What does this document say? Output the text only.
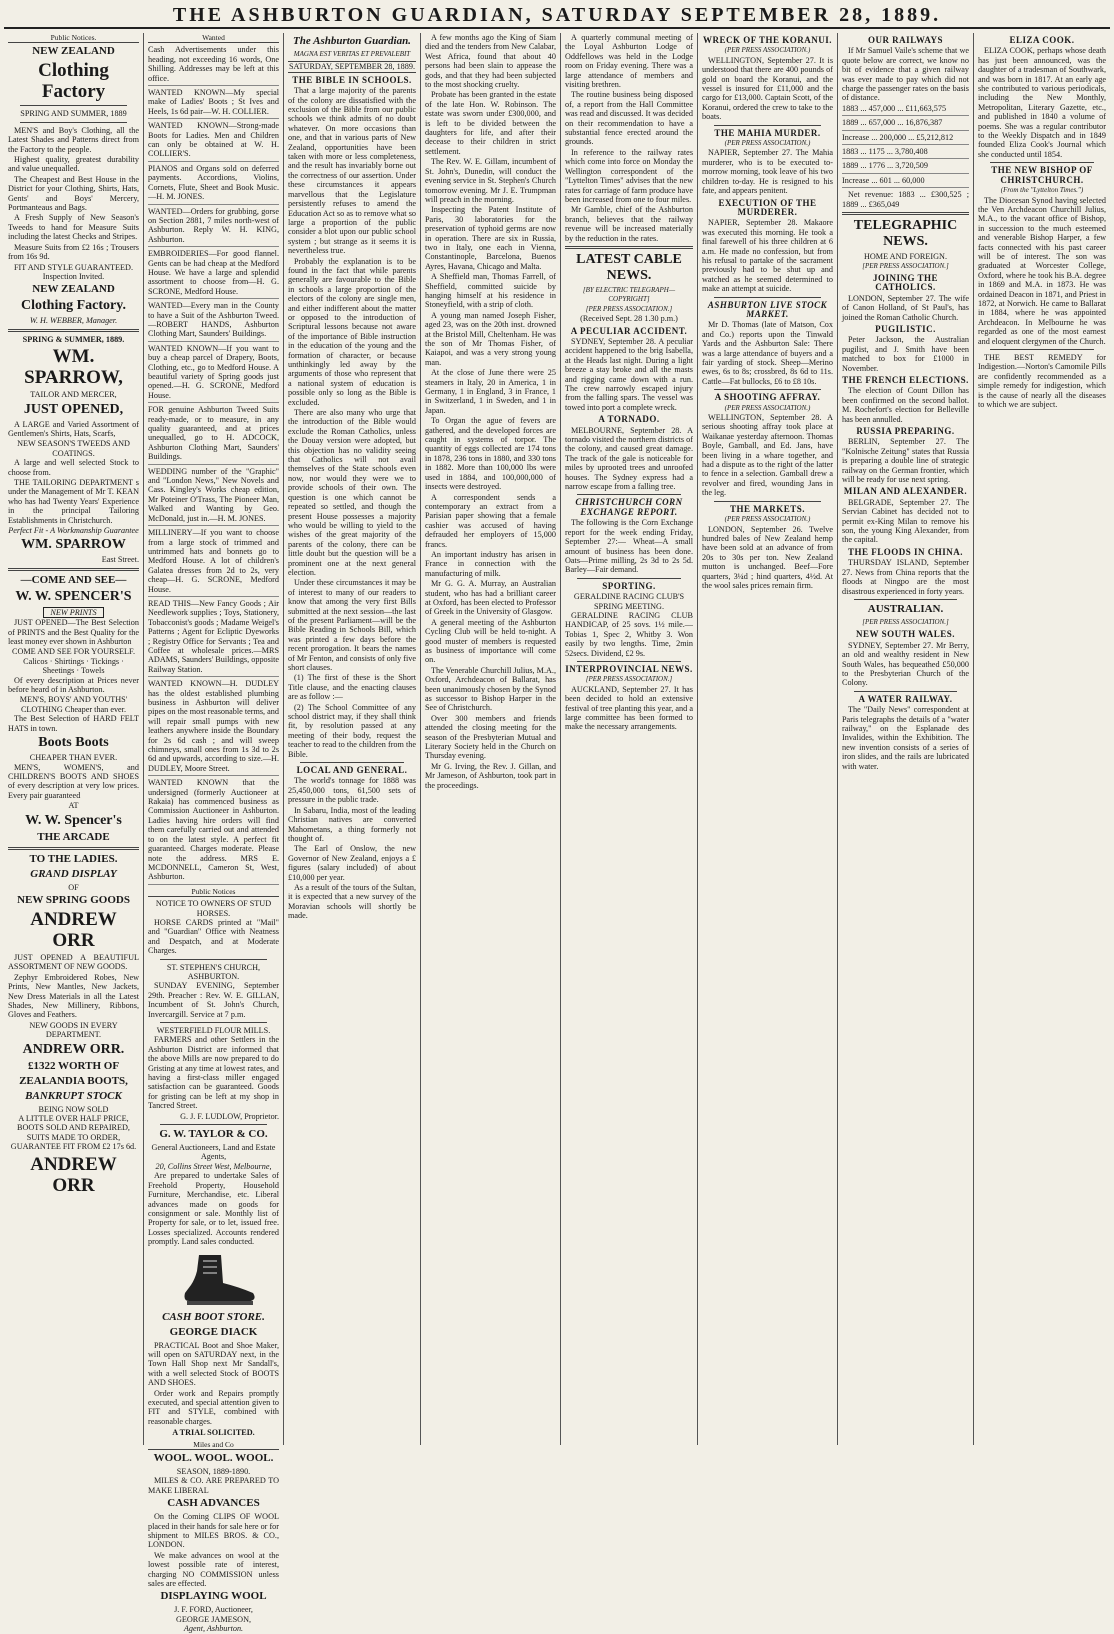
THE ASHBURTON GUARDIAN, SATURDAY SEPTEMBER 28, 1889.
Public Notices.
NEW ZEALAND
Clothing Factory
SPRING AND SUMMER, 1889

MEN'S and Boy's Clothing, all the Latest Shades and Patterns direct from the Factory to the people.

Highest quality, greatest durability and value unequalled.

The Cheapest and Best House in the District for your Clothing, Shirts, Hats, Gents' and Boys' Mercery, Portmanteaus and Bags.

A Fresh Supply of New Season's Tweeds to hand for Measure Suits including the latest Checks and Stripes.

Measure Suits from £2 16s ; Trousers from 16s 9d.

FIT AND STYLE GUARANTEED.
Inspection Invited.
NEW ZEALAND
Clothing Factory.
W. H. WEBBER, Manager.
SPRING & SUMMER, 1889.
WM. SPARROW,
TAILOR AND MERCER,
JUST OPENED,

A LARGE and Varied Assortment of Gentlemen's Shirts, Hats, Scarfs,

NEW SEASON'S TWEEDS AND COATINGS.

A large and well selected Stock to choose from.

THE TAILORING DEPARTMENT s under the Management of Mr T. KEAN who has had Twenty Years' Experience in the principal Tailoring Establishments in Christchurch.

Perfect Fit - A Workmanship Guarantee
WM. SPARROW
East Street.
—COME AND SEE—
W. W. SPENCER'S
NEW PRINTS

JUST OPENED—The Best Selection of PRINTS and the Best Quality for the least money ever shown in Ashburton

COME AND SEE FOR YOURSELF.
Calicos · Shirtings · Tickings · Sheetings · Towels

Of every description at Prices never before heard of in Ashburton.

MEN'S, BOYS' AND YOUTHS' CLOTHING Cheaper than ever.

The Best Selection of HARD FELT HATS in town.

Boots Boots
CHEAPER THAN EVER.

MEN'S, WOMEN'S, and CHILDREN'S BOOTS AND SHOES of every description at very low prices. Every pair guaranteed

AT
W. W. Spencer's
THE ARCADE
TO THE LADIES.
GRAND DISPLAY
OF
NEW SPRING GOODS
ANDREW ORR

JUST OPENED A BEAUTIFUL ASSORTMENT OF NEW GOODS.

Zephyr Embroidered Robes, New Prints, New Mantles, New Jackets, New Dress Materials in all the Latest Shades, New Millinery, Ribbons, Gloves and Feathers.

NEW GOODS IN EVERY DEPARTMENT.
ANDREW ORR.
£1322 WORTH OF
ZEALANDIA BOOTS,
BANKRUPT STOCK
BEING NOW SOLD
A LITTLE OVER HALF PRICE,
BOOTS SOLD AND REPAIRED,
SUITS MADE TO ORDER,
GUARANTEE FIT FROM £2 17s 6d.
ANDREW ORR
Wanted
Cash Advertisements under this heading, not exceeding 16 words, One Shilling. Addresses may be left at this office.
WANTED KNOWN—My special make of Ladies' Boots ; St Ives and Heels, 1s 6d pair—W. H. COLLIER.
WANTED KNOWN—Strong-made Boots for Ladies. Men and Children can only be obtained at W. H. COLLIER'S.
PIANOS and Organs sold on deferred payments. Accordions, Violins, Cornets, Flute, Sheet and Book Music.—H. M. JONES.
WANTED—Orders for grubbing, gorse on Section 2881, 7 miles north-west of Ashburton. Reply W. H. KING, Ashburton.
EMBROIDERIES—For good flannel. Gents can be had cheap at the Medford House. We have a large and splendid assortment to choose from—H. G. SCRONE, Medford House.
WANTED—Every man in the County to have a Suit of the Ashburton Tweed.—ROBERT HANDS, Ashburton Clothing Mart, Saunders' Buildings.
WANTED KNOWN—If you want to buy a cheap parcel of Drapery, Boots, Clothing, etc., go to Medford House. A beautiful variety of Spring goods just opened.—H. G. SCRONE, Medford House.
FOR genuine Ashburton Tweed Suits ready-made, or to measure, in any quality guaranteed, and at prices unequalled, go to H. ADCOCK, Ashburton Clothing Mart, Saunders' Buildings.
WEDDING number of the "Graphic" and "London News," New Novels and Cass. Kingley's Works cheap edition, Mr Poteiner O'Trass, The Pioneer Man, Walked and Wanting by Geo. McDonald, just in.—H. M. JONES.
MILLINERY—If you want to choose from a large stock of trimmed and untrimmed hats and bonnets go to Medford House. A lot of children's Galatea dresses from 2d to 2s, very cheap—H. G. SCRONE, Medford House.
READ THIS—New Fancy Goods ; Air Needlework supplies ; Toys, Stationery, Tobacconist's goods ; Madame Weigel's Patterns ; Agent for Ecliptic Dyeworks ; Registry Office for Servants ; Tea and Coffee at wholesale prices.—MRS ADAMS, Saunders' Buildings, opposite Railway Station.
WANTED KNOWN—H. DUDLEY has the oldest established plumbing business in Ashburton will deliver pipes on the most reasonable terms, and will repair small pumps with new leathers anywhere inside the Boundary for 2s 6d cash ; and will sweep chimneys, small ones from 1s 3d to 2s 6d and upwards, according to size.—H. DUDLEY, Moore Street.
WANTED KNOWN that the undersigned (formerly Auctioneer at Rakaia) has commenced business as Commission Auctioneer in Ashburton. Ladies having hire orders will find them carefully carried out and attended to on the latest style. A perfect fit guaranteed. Charges moderate. Please note the address. MRS E. MCDONNELL, Cameron St, West, Ashburton.
Public Notices
NOTICE TO OWNERS OF STUD HORSES.

HORSE CARDS printed at "Mail" and "Guardian" Office with Neatness and Despatch, and at Moderate Charges.

ST. STEPHEN'S CHURCH, ASHBURTON.

SUNDAY EVENING, September 29th. Preacher : Rev. W. E. GILLAN, Incumbent of St. John's Church, Invercargill. Service at 7 p.m.

WESTERFIELD FLOUR MILLS.

FARMERS and other Settlers in the Ashburton District are informed that the above Mills are now prepared to do Gristing at any time at lowest rates, and having a first-class miller engaged satisfaction can be guaranteed. Goods for gristing can be left at my shop in Tancred Street.

G. J. F. LUDLOW, Proprietor.
G. W. TAYLOR & CO.
General Auctioneers, Land and Estate Agents,
20, Collins Street West, Melbourne,

Are prepared to undertake Sales of Freehold Property, Household Furniture, Merchandise, etc. Liberal advances made on goods for consignment or sale. Monthly list of Property for sale, or to let, issued free. Losses specialized. Accounts rendered promptly. Land sales conducted.

CASH BOOT STORE.
GEORGE DIACK

PRACTICAL Boot and Shoe Maker, will open on SATURDAY next, in the Town Hall Shop next Mr Sandall's, with a well selected Stock of BOOTS AND SHOES.

Order work and Repairs promptly executed, and special attention given to FIT and STYLE, combined with reasonable charges.

A TRIAL SOLICITED.
Miles and Co
WOOL. WOOL. WOOL.
SEASON, 1889-1890.

MILES & CO. ARE PREPARED TO MAKE LIBERAL

CASH ADVANCES

On the Coming CLIPS OF WOOL placed in their hands for sale here or for shipment to MILES BROS. & CO., LONDON.

We make advances on wool at the lowest possible rate of interest, charging NO COMMISSION unless sales are effected.

DISPLAYING WOOL
J. F. FORD, Auctioneer,
GEORGE JAMESON,
Agent, Ashburton.
The Ashburton Guardian.
MAGNA EST VERITAS ET PREVALEBIT
SATURDAY, SEPTEMBER 28, 1889.
THE BIBLE IN SCHOOLS.

That a large majority of the parents of the colony are dissatisfied with the exclusion of the Bible from our public schools we think admits of no doubt whatever. On more occasions than one, and that in various parts of New Zealand, opportunities have been taken with more or less completeness, and the result has invariably borne out the correctness of our assertion. Under these circumstances it appears marvellous that the Legislature persistently refuses to amend the Education Act so as to remove what so large a proportion of the public consider a blot upon our public school system ; but strange as it seems it is nevertheless true.

Probably the explanation is to be found in the fact that while parents generally are favourable to the Bible in schools a large proportion of the electors of the colony are single men, and either indifferent about the matter or opposed to the introduction of Scriptural lessons because not aware of the importance of Bible instruction in the education of the young and the formation of character, or because unthinkingly led away by the arguments of those who represent that a national system of education is possible only so long as the Bible is excluded.

There are also many who urge that the introduction of the Bible would exclude the Roman Catholics, unless the Douay version were adopted, but this objection has no validity seeing that Catholics will not avail themselves of the State schools even now, nor would they were we to provide schools of their own. The question is one which cannot be repeated so settled, and though the present House possesses a majority who would be willing to yield to the wishes of the great majority of the parents of the colony, there can be little doubt but the question will be a prominent one at the next general election.

Under these circumstances it may be of interest to many of our readers to know that among the very first Bills submitted at the next session—the last of the present Parliament—will be the Bible Reading in Schools Bill, which was printed a few days before the recent prorogation. It bears the names of Mr Fenton, and consists of only five short clauses.

(1) The first of these is the Short Title clause, and the enacting clauses are as follow :—

(2) The School Committee of any school district may, if they shall think fit, by resolution passed at any meeting of their body, request the teacher to read to the children from the Bible.

LOCAL AND GENERAL.

The world's tonnage for 1888 was 25,450,000 tons, 61,500 sets of pressure in the public trade.

In Sabaru, India, most of the leading Christian natives are converted Mahometans, a thing formerly not thought of.

The Earl of Onslow, the new Governor of New Zealand, enjoys a £ figures (salary included) of about £10,000 per year.

As a result of the tours of the Sultan, it is expected that a new survey of the Moravian schools will shortly be made.

A few months ago the King of Siam died and the tenders from New Calabar, West Africa, found that about 40 persons had been slain to appease the gods, and that they had been subjected to the most shocking cruelty.

Probate has been granted in the estate of the late Hon. W. Robinson. The estate was sworn under £300,000, and is left to be divided between the daughters for life, and after their decease to their children in strict settlement.

The Rev. W. E. Gillam, incumbent of St. John's, Dunedin, will conduct the evening service in St. Stephen's Church tomorrow evening. Mr J. E. Trumpman will preach in the morning.

Inspecting the Patent Institute of Paris, 30 laboratories for the preservation of typhoid germs are now in operation. There are six in Russia, two in Italy, one each in Vienna, Constantinople, Barcelona, Buenos Ayres, Havana, Chicago and Malta.

A Sheffield man, Thomas Farrell, of Sheffield, committed suicide by hanging himself at his residence in Stoneyfield, with a strip of cloth.

A young man named Joseph Fisher, aged 23, was on the 20th inst. drowned at the Bristol Mill, Cheltenham. He was the son of Mr Thomas Fisher, of Kaiapoi, and was a very strong young man.

At the close of June there were 25 steamers in Italy, 20 in America, 1 in Germany, 1 in England, 3 in France, 1 in Switzerland, 1 in Sweden, and 1 in Japan.

To Organ the ague of fevers are gathered, and the developed forces are caught in systems of torpor. The quantity of eggs collected are 174 tons in 1878, 236 tons in 1880, and 330 tons in 1882. More than 100,000 lbs were used in 1884, and 100,000,000 of insects were destroyed.

A correspondent sends a contemporary an extract from a Parisian paper showing that a female cashier was accused of having defrauded her employers of 15,000 francs.

An important industry has arisen in France in connection with the manufacturing of milk.

Mr G. G. A. Murray, an Australian student, who has had a brilliant career at Oxford, has been elected to Professor of Greek in the University of Glasgow.

A general meeting of the Ashburton Cycling Club will be held to-night. A good muster of members is requested as business of importance will come on.

The Venerable Churchill Julius, M.A., Oxford, Archdeacon of Ballarat, has been unanimously chosen by the Synod as successor to Bishop Harper in the See of Christchurch.

Over 300 members and friends attended the closing meeting for the season of the Presbyterian Mutual and Literary Society held in the Church on Thursday evening.

Mr G. Irving, the Rev. J. Gillan, and Mr Jameson, of Ashburton, took part in the proceedings.

A quarterly communal meeting of the Loyal Ashburton Lodge of Oddfellows was held in the Lodge room on Friday evening. There was a large attendance of members and visiting brethren.

The routine business being disposed of, a report from the Hall Committee was read and discussed. It was decided on their recommendation to have a substantial fence erected around the grounds.

In reference to the railway rates which come into force on Monday the Wellington correspondent of the "Lyttelton Times" advises that the new rates for carriage of farm produce have been increased from one to four miles.

Mr Gamble, chief of the Ashburton branch, believes that the railway revenue will be increased materially by the reduction in the rates.

LATEST CABLE NEWS.
[BY ELECTRIC TELEGRAPH—COPYRIGHT]
[PER PRESS ASSOCIATION.]
(Received Sept. 28 1.30 p.m.)
A PECULIAR ACCIDENT.

SYDNEY, September 28. A peculiar accident happened to the brig Isabella, at the Heads last night. During a light breeze a stay broke and all the masts and rigging came down with a run. The crew narrowly escaped injury from the falling spars. The vessel was towed into port a complete wreck.

A TORNADO.

MELBOURNE, September 28. A tornado visited the northern districts of the colony, and caused great damage. The track of the gale is noticeable for miles by uprooted trees and unroofed houses. The Sydney express had a narrow escape from a falling tree.

CHRISTCHURCH CORN EXCHANGE REPORT.

The following is the Corn Exchange report for the week ending Friday, September 27:— Wheat—A small amount of business has been done. Oats—Prime milling, 2s 3d to 2s 5d. Barley—Fair demand.

SPORTING.
GERALDINE RACING CLUB'S SPRING MEETING.

GERALDINE RACING CLUB HANDICAP, of 25 sovs. 1½ mile.—Tobias 1, Spec 2, Whitby 3. Won easily by two lengths. Time, 2min 52secs. Dividend, £2 9s.

INTERPROVINCIAL NEWS.
[PER PRESS ASSOCIATION.]

AUCKLAND, September 27. It has been decided to hold an extensive festival of tree planting this year, and a large committee has been formed to make the necessary arrangements.

WRECK OF THE KORANUI.
(PER PRESS ASSOCIATION.)

WELLINGTON, September 27. It is understood that there are 400 pounds of gold on board the Koranui, and the vessel is insured for £11,000 and the cargo for £13,000. Captain Scott, of the Koranui, ordered the crew to take to the boats.

THE MAHIA MURDER.
(PER PRESS ASSOCIATION.)

NAPIER, September 27. The Mahia murderer, who is to be executed to-morrow morning, took leave of his two children to-day. He is resigned to his fate, and appears penitent.

EXECUTION OF THE MURDERER.

NAPIER, September 28. Makaore was executed this morning. He took a final farewell of his three children at 6 a.m. He made no confession, but from his refusal to partake of the sacrament previously had to be shut up and watched as he seemed determined to make an attempt at suicide.

ASHBURTON LIVE STOCK MARKET.

Mr D. Thomas (late of Matson, Cox and Co.) reports upon the Tinwald Yards and the Ashburton Sale: There was a large attendance of buyers and a fair yarding of stock. Sheep—Merino ewes, 6s to 8s; crossbred, 8s 6d to 11s. Cattle—Fat bullocks, £6 to £8 10s.

A SHOOTING AFFRAY.
(PER PRESS ASSOCIATION.)

WELLINGTON, September 28. A serious shooting affray took place at Waikanae yesterday afternoon. Thomas Boyle, Gamball, and Ed. Jans, have been living in a whare together, and had a dispute as to the right of the latter to fence in a selection. Gamball drew a revolver and fired, wounding Jans in the leg.

THE MARKETS.
(PER PRESS ASSOCIATION.)

LONDON, September 26. Twelve hundred bales of New Zealand hemp have been sold at an advance of from 20s to 30s per ton. New Zealand mutton is unchanged. Beef—Fore quarters, 3¼d ; hind quarters, 4½d. At the wool sales prices remain firm.

OUR RAILWAYS

If Mr Samuel Vaile's scheme that we quote below are correct, we know no bit of evidence that a given railway was ever made to pay which did not charge the passenger rates on the basis of distance.

1883 ... 457,000 ... £11,663,575
1889 ... 657,000 ... 16,876,387
Increase ... 200,000 ... £5,212,812
1883 ... 1175 ... 3,780,408
1889 ... 1776 ... 3,720,509
Increase ... 601 ... 60,000

Net revenue: 1883 ... £300,525 ; 1889 ... £365,049

TELEGRAPHIC NEWS.
HOME AND FOREIGN.
[PER PRESS ASSOCIATION.]
JOINING THE CATHOLICS.

LONDON, September 27. The wife of Canon Holland, of St Paul's, has joined the Roman Catholic Church.

PUGILISTIC.

Peter Jackson, the Australian pugilist, and J. Smith have been matched to box for £1000 in November.

THE FRENCH ELECTIONS.

The election of Count Dillon has been confirmed on the second ballot. M. Rochefort's election for Belleville has been annulled.

RUSSIA PREPARING.

BERLIN, September 27. The "Kolnische Zeitung" states that Russia is preparing a double line of strategic railway on the German frontier, which will be ready for use next spring.

MILAN AND ALEXANDER.

BELGRADE, September 27. The Servian Cabinet has decided not to permit ex-King Milan to remove his son, the young King Alexander, from the capital.

THE FLOODS IN CHINA.

THURSDAY ISLAND, September 27. News from China reports that the floods at Ningpo are the most disastrous experienced in forty years.

AUSTRALIAN.
[PER PRESS ASSOCIATION.]
NEW SOUTH WALES.

SYDNEY, September 27. Mr Berry, an old and wealthy resident in New South Wales, has bequeathed £50,000 to the Presbyterian Church of the Colony.

A WATER RAILWAY.

The "Daily News" correspondent at Paris telegraphs the details of a "water railway," on the Esplanade des Invalides, within the Exhibition. The new invention consists of a series of iron slides, and the rails are lubricated with water.

ELIZA COOK.

ELIZA COOK, perhaps whose death has just been announced, was the daughter of a tradesman of Southwark, and was born in 1817. At an early age she contributed to various periodicals, including the New Monthly, Metropolitan, Literary Gazette, etc., and published in 1840 a volume of poems. She was a regular contributor to the Weekly Dispatch and in 1849 founded Eliza Cook's Journal which she conducted until 1854.

THE NEW BISHOP OF CHRISTCHURCH.
(From the "Lyttelton Times.")

The Diocesan Synod having selected the Ven Archdeacon Churchill Julius, M.A., to the vacant office of Bishop, in succession to the much esteemed and venerable Bishop Harper, a few facts connected with his past career will be of interest. The son was graduated at Worcester College, Oxford, where he took his B.A. degree in 1869 and M.A. in 1873. He was ordained Deacon in 1871, and Priest in 1872, at Norwich. He came to Ballarat in 1884, where he was appointed Archdeacon. In Melbourne he was regarded as one of the most earnest and eloquent clergymen of the Church.

THE BEST REMEDY for Indigestion.—Norton's Camomile Pills are confidently recommended as a simple remedy for indigestion, which is the cause of nearly all the diseases to which we are subject.
